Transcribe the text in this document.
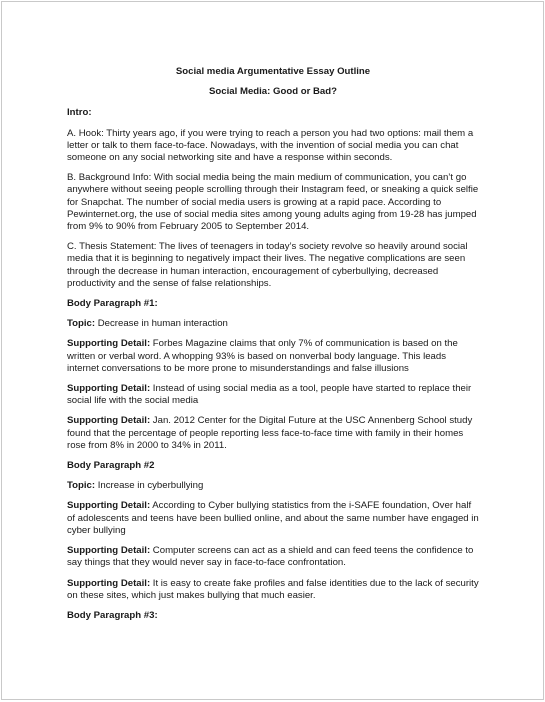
Social media Argumentative Essay Outline
Social Media: Good or Bad?
Intro:

A. Hook: Thirty years ago, if you were trying to reach a person you had two options: mail them a letter or talk to them face-to-face. Nowadays, with the invention of social media you can chat someone on any social networking site and have a response within seconds.

B. Background Info: With social media being the main medium of communication, you can’t go anywhere without seeing people scrolling through their Instagram feed, or sneaking a quick selfie for Snapchat. The number of social media users is growing at a rapid pace. According to Pewinternet.org, the use of social media sites among young adults aging from 19-28 has jumped from 9% to 90% from February 2005 to September 2014.

C. Thesis Statement: The lives of teenagers in today’s society revolve so heavily around social media that it is beginning to negatively impact their lives. The negative complications are seen through the decrease in human interaction, encouragement of cyberbullying, decreased productivity and the sense of false relationships.

Body Paragraph #1:

Topic: Decrease in human interaction

Supporting Detail: Forbes Magazine claims that only 7% of communication is based on the written or verbal word. A whopping 93% is based on nonverbal body language. This leads internet conversations to be more prone to misunderstandings and false illusions

Supporting Detail: Instead of using social media as a tool, people have started to replace their social life with the social media

Supporting Detail: Jan. 2012 Center for the Digital Future at the USC Annenberg School study found that the percentage of people reporting less face-to-face time with family in their homes rose from 8% in 2000 to 34% in 2011.

Body Paragraph #2

Topic: Increase in cyberbullying

Supporting Detail: According to Cyber bullying statistics from the i-SAFE foundation, Over half of adolescents and teens have been bullied online, and about the same number have engaged in cyber bullying

Supporting Detail: Computer screens can act as a shield and can feed teens the confidence to say things that they would never say in face-to-face confrontation.

Supporting Detail: It is easy to create fake profiles and false identities due to the lack of security on these sites, which just makes bullying that much easier.

Body Paragraph #3:
